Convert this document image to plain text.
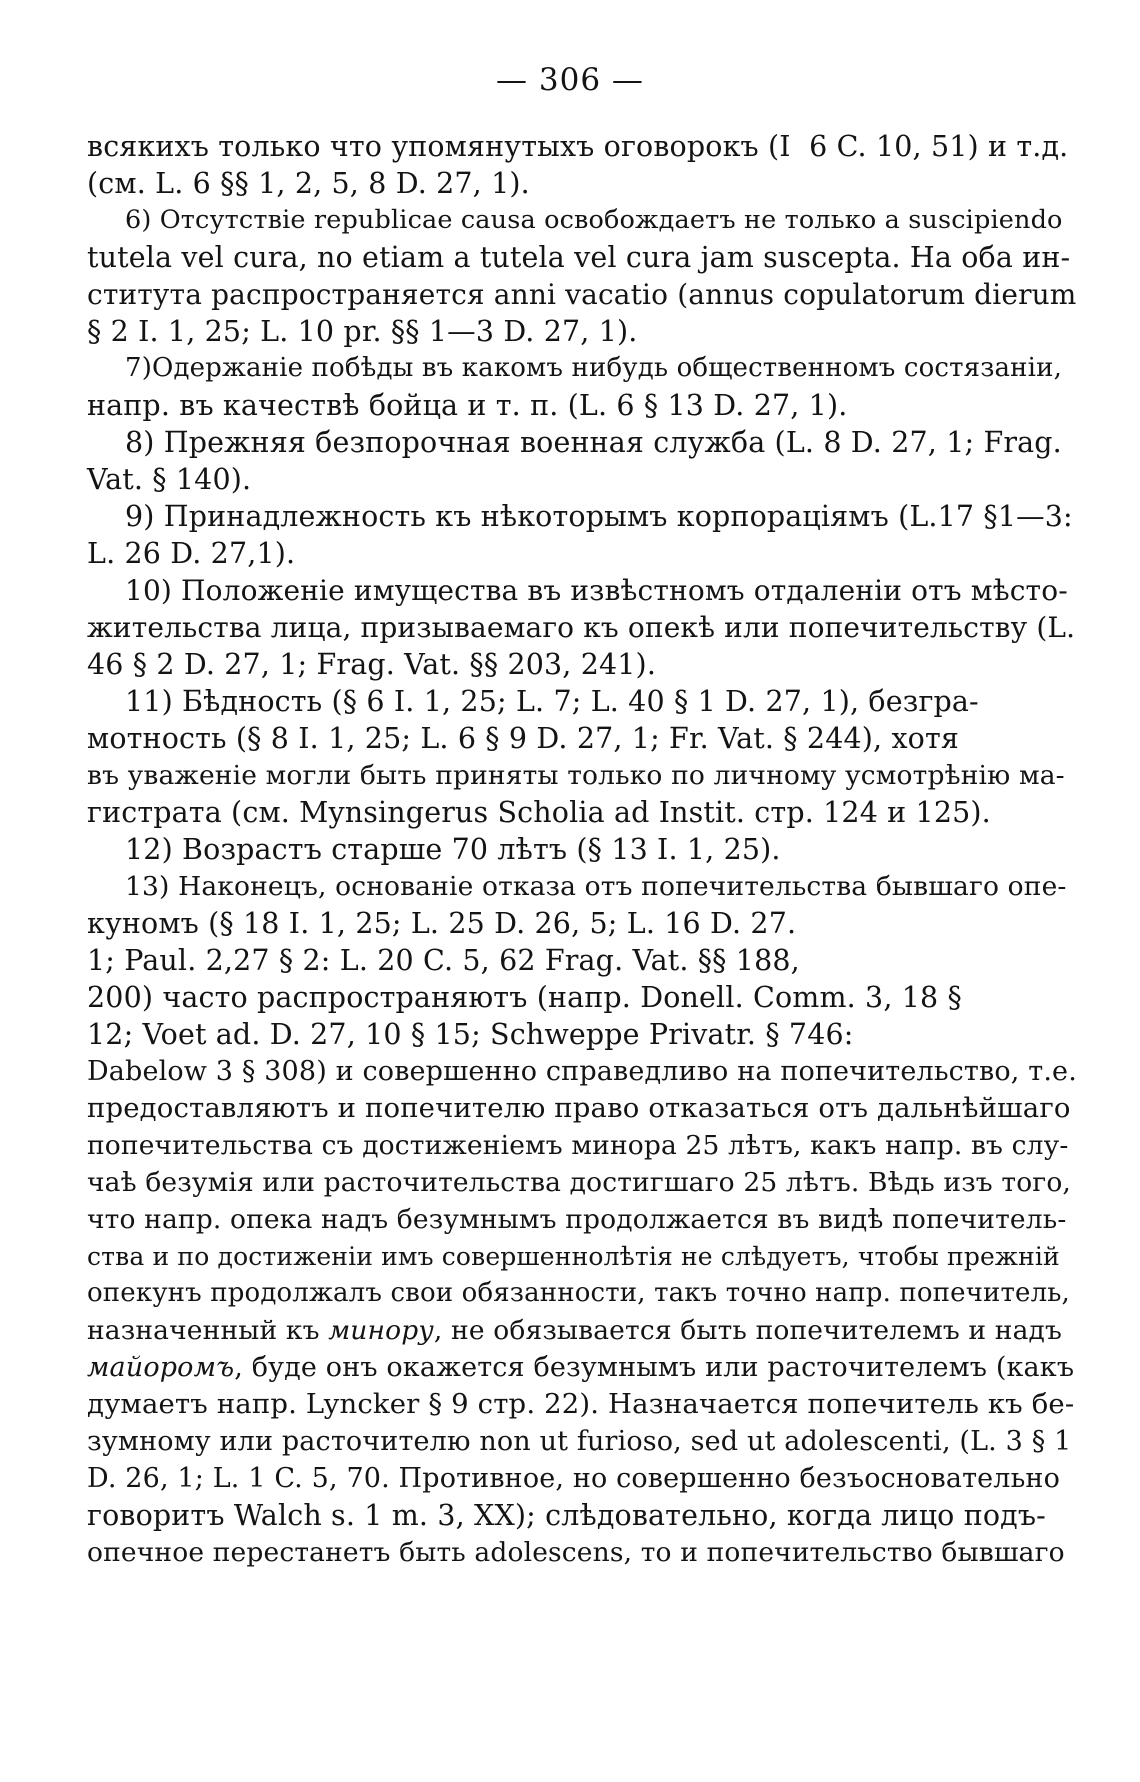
— 306 —
всякихъ только что упомянутыхъ оговорокъ (I  6 C. 10, 51) и т.д.
(см. L. 6 §§ 1, 2, 5, 8 D. 27, 1).
6) Отсутствіе reрublicae causa освобождаетъ не только a suscipiendo
tutela vel cura, no etiam a tutela vel cura jam suscepta. На оба ин-
ститута распространяется anni vacatio (annus copulatorum dierum
§ 2 I. 1, 25; L. 10 pr. §§ 1—3 D. 27, 1).
7)Одержаніе побѣды въ какомъ нибудь общественномъ состязаніи,
напр. въ качествѣ бойца и т. п. (L. 6 § 13 D. 27, 1).
8) Прежняя безпорочная военная служба (L. 8 D. 27, 1; Frag.
Vat. § 140).
9) Принадлежность къ нѣкоторымъ корпораціямъ (L.17 §1—3:
L. 26 D. 27,1).
10) Положеніе имущества въ извѣстномъ отдаленіи отъ мѣсто-
жительства лица, призываемаго къ опекѣ или попечительству (L.
46 § 2 D. 27, 1; Frag. Vat. §§ 203, 241).
11) Бѣдность (§ 6 I. 1, 25; L. 7; L. 40 § 1 D. 27, 1), безгра-
мотность (§ 8 I. 1, 25; L. 6 § 9 D. 27, 1; Fr. Vat. § 244), хотя
въ уваженіе могли быть приняты только по личному усмотрѣнію ма-
гистрата (см. Mynsingerus Scholia ad Instit. стр. 124 и 125).
12) Возрастъ старше 70 лѣтъ (§ 13 I. 1, 25).
13) Наконецъ, основаніе отказа отъ попечительства бывшаго опе-
куномъ (§ 18 I. 1, 25; L. 25 D. 26, 5; L. 16 D. 27.
1; Paul. 2,27 § 2: L. 20 C. 5, 62 Frag. Vat. §§ 188,
200) часто распространяютъ (напр. Donell. Comm. 3, 18 §
12; Voet ad. D. 27, 10 § 15; Schweppe Privatr. § 746:
Dabelow 3 § 308) и совершенно справедливо на попечительство, т.е.
предоставляютъ и попечителю право отказаться отъ дальнѣйшаго
попечительства съ достиженіемъ минора 25 лѣтъ, какъ напр. въ слу-
чаѣ безумія или расточительства достигшаго 25 лѣтъ. Вѣдь изъ того,
что напр. опека надъ безумнымъ продолжается въ видѣ попечитель-
ства и по достиженіи имъ совершеннолѣтія не слѣдуетъ, чтобы прежній
опекунъ продолжалъ свои обязанности, такъ точно напр. попечитель,
назначенный къ минору, не обязывается быть попечителемъ и надъ
майоромъ, буде онъ окажется безумнымъ или расточителемъ (какъ
думаетъ напр. Lyncker § 9 стр. 22). Назначается попечитель къ бе-
зумному или расточителю non ut furioso, sed ut adolescenti, (L. 3 § 1
D. 26, 1; L. 1 C. 5, 70. Противное, но совершенно безъосновательно
говоритъ Walch s. 1 m. 3, XX); слѣдовательно, когда лицо подъ-
опечное перестанетъ быть adolescens, то и попечительство бывшаго
